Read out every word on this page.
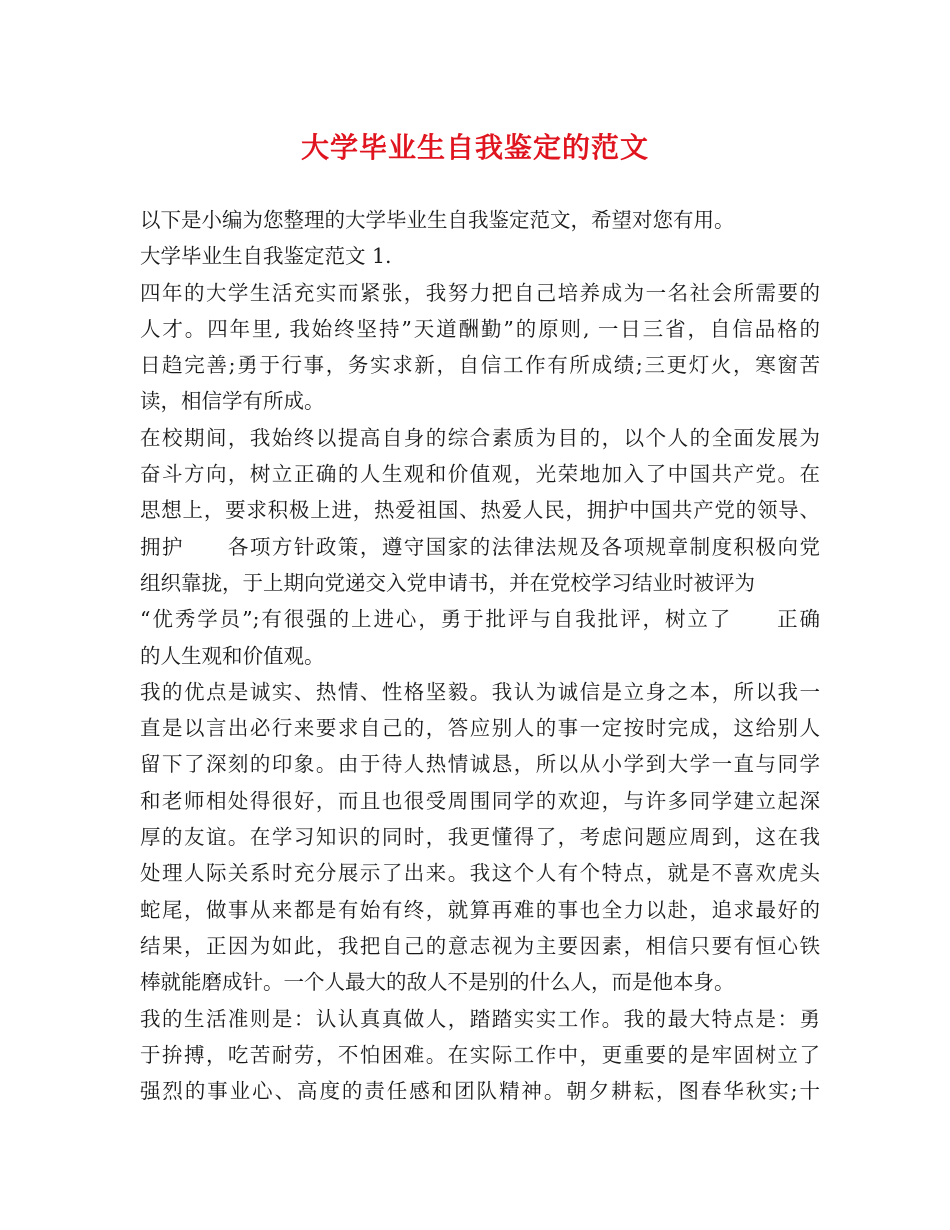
大学毕业生自我鉴定的范文
以下是小编为您整理的大学毕业生自我鉴定范文，希望对您有用。
大学毕业生自我鉴定范文 1.
四年的大学生活充实而紧张，我努力把自己培养成为一名社会所需要的
人才。四年里, 我始终坚持”天道酬勤”的原则, 一日三省，自信品格的
日趋完善;勇于行事，务实求新，自信工作有所成绩;三更灯火，寒窗苦
读，相信学有所成。
在校期间，我始终以提高自身的综合素质为目的，以个人的全面发展为
奋斗方向，树立正确的人生观和价值观，光荣地加入了中国共产党。在
思想上，要求积极上进，热爱祖国、热爱人民，拥护中国共产党的领导、
拥护　　各项方针政策，遵守国家的法律法规及各项规章制度积极向党
组织靠拢，于上期向党递交入党申请书，并在党校学习结业时被评为
“优秀学员”;有很强的上进心，勇于批评与自我批评，树立了　　正确
的人生观和价值观。
我的优点是诚实、热情、性格坚毅。我认为诚信是立身之本，所以我一
直是以言出必行来要求自己的，答应别人的事一定按时完成，这给别人
留下了深刻的印象。由于待人热情诚恳，所以从小学到大学一直与同学
和老师相处得很好，而且也很受周围同学的欢迎，与许多同学建立起深
厚的友谊。在学习知识的同时，我更懂得了，考虑问题应周到，这在我
处理人际关系时充分展示了出来。我这个人有个特点，就是不喜欢虎头
蛇尾，做事从来都是有始有终，就算再难的事也全力以赴，追求最好的
结果，正因为如此，我把自己的意志视为主要因素，相信只要有恒心铁
棒就能磨成针。一个人最大的敌人不是别的什么人，而是他本身。
我的生活准则是：认认真真做人，踏踏实实工作。我的最大特点是：勇
于拚搏，吃苦耐劳，不怕困难。在实际工作中，更重要的是牢固树立了
强烈的事业心、高度的责任感和团队精神。朝夕耕耘，图春华秋实;十
